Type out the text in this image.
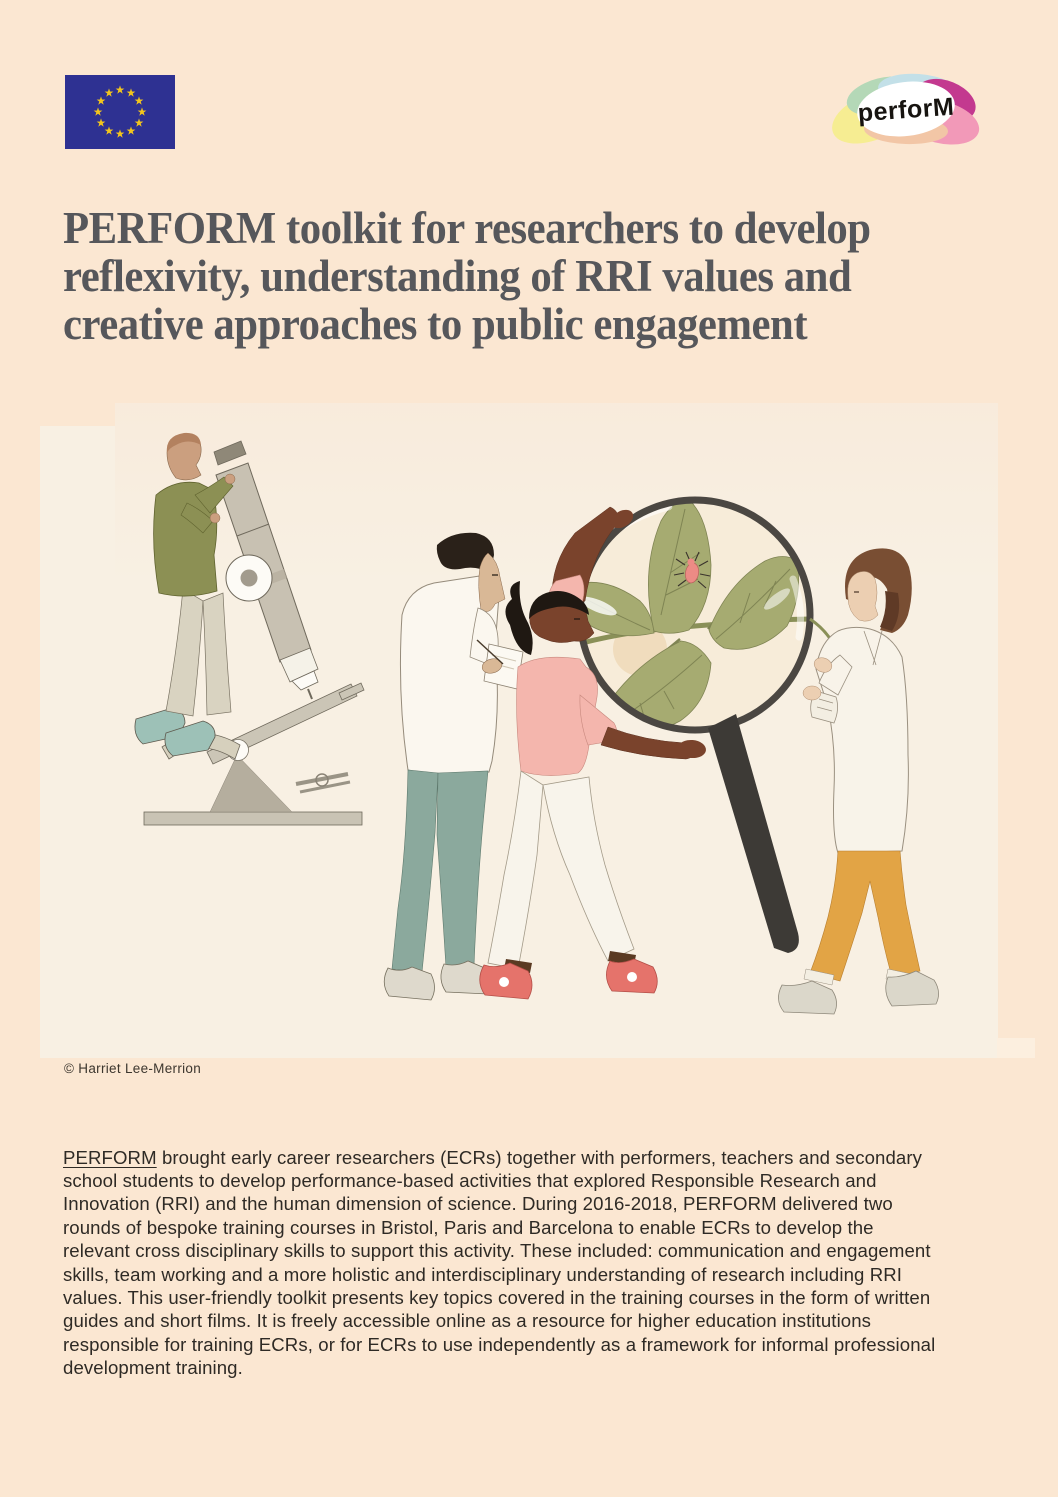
perforM
PERFORM toolkit for researchers to develop
reflexivity, understanding of RRI values and
creative approaches to public engagement
© Harriet Lee-Merrion

PERFORM brought early career researchers (ECRs) together with performers, teachers and secondary school students to develop performance-based activities that explored Responsible Research and Innovation (RRI) and the human dimension of science. During 2016-2018, PERFORM delivered two rounds of bespoke training courses in Bristol, Paris and Barcelona to enable ECRs to develop the relevant cross disciplinary skills to support this activity. These included: communication and engagement skills, team working and a more holistic and interdisciplinary understanding of research including RRI values. This user-friendly toolkit presents key topics covered in the training courses in the form of written guides and short films. It is freely accessible online as a resource for higher education institutions responsible for training ECRs, or for ECRs to use independently as a framework for informal professional development training.
